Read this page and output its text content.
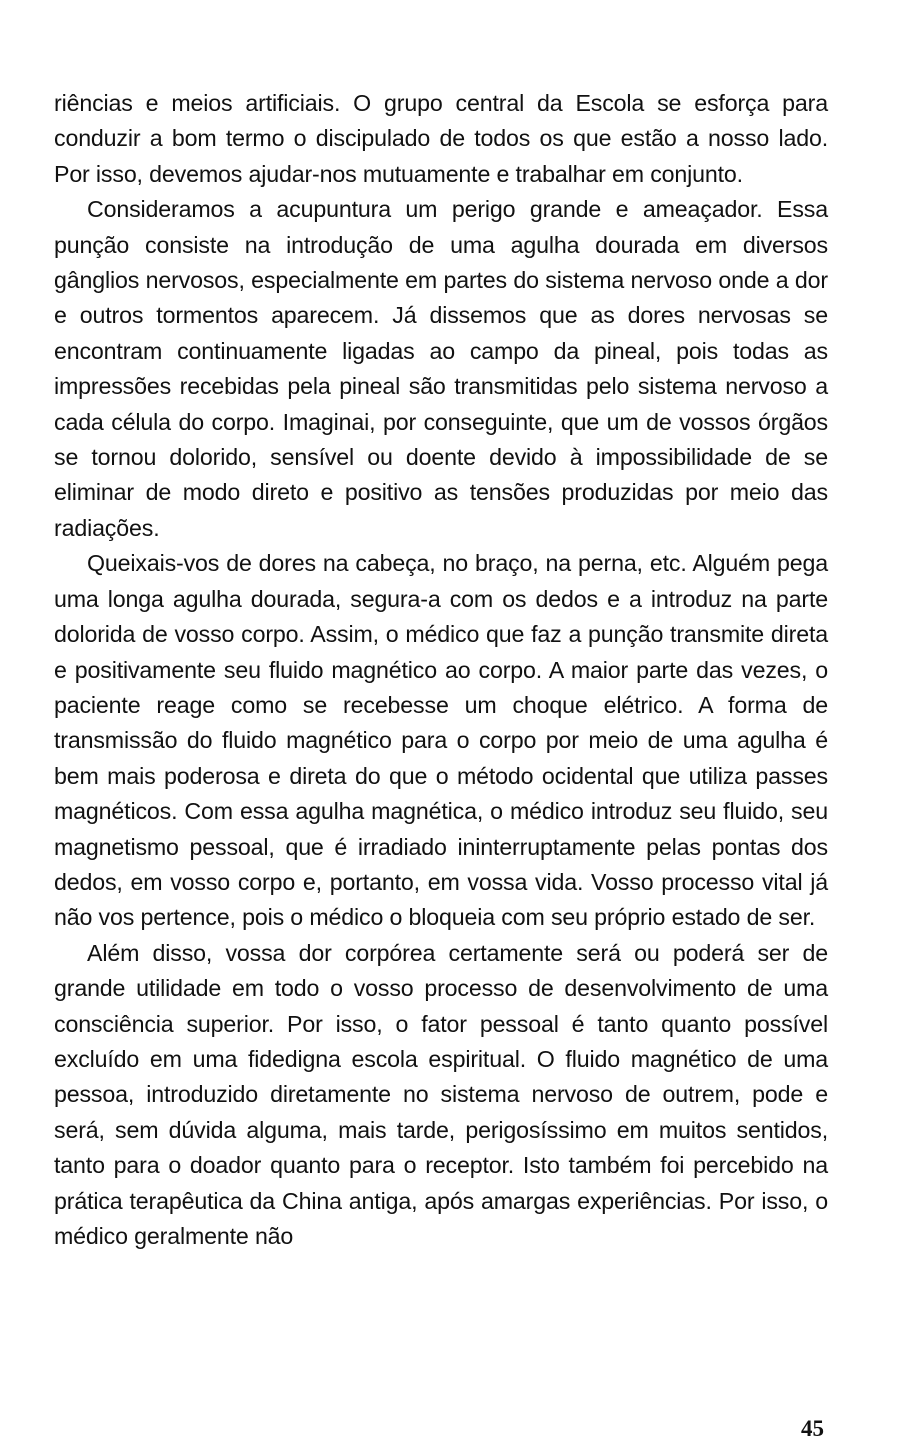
riências e meios artificiais. O grupo central da Escola se esforça para conduzir a bom termo o discipulado de todos os que estão a nosso lado. Por isso, devemos ajudar-nos mutuamente e trabalhar em conjunto.

Consideramos a acupuntura um perigo grande e ameaçador. Essa punção consiste na introdução de uma agulha dourada em diversos gânglios nervosos, especialmente em partes do sistema nervoso onde a dor e outros tormentos aparecem. Já dissemos que as dores nervosas se encontram continuamente ligadas ao campo da pineal, pois todas as impressões recebidas pela pineal são transmitidas pelo sistema nervoso a cada célula do corpo. Imaginai, por conseguinte, que um de vossos órgãos se tornou dolorido, sensível ou doente devido à impossibilidade de se eliminar de modo direto e positivo as tensões produzidas por meio das radiações.

Queixais-vos de dores na cabeça, no braço, na perna, etc. Alguém pega uma longa agulha dourada, segura-a com os dedos e a introduz na parte dolorida de vosso corpo. Assim, o médico que faz a punção transmite direta e positivamente seu fluido magnético ao corpo. A maior parte das vezes, o paciente reage como se recebesse um choque elétrico. A forma de transmissão do fluido magnético para o corpo por meio de uma agulha é bem mais poderosa e direta do que o método ocidental que utiliza passes magnéticos. Com essa agulha magnética, o médico introduz seu fluido, seu magnetismo pessoal, que é irradiado ininterruptamente pelas pontas dos dedos, em vosso corpo e, portanto, em vossa vida. Vosso processo vital já não vos pertence, pois o médico o bloqueia com seu próprio estado de ser.

Além disso, vossa dor corpórea certamente será ou poderá ser de grande utilidade em todo o vosso processo de desenvolvimento de uma consciência superior. Por isso, o fator pessoal é tanto quanto possível excluído em uma fidedigna escola espiritual. O fluido magnético de uma pessoa, introduzido diretamente no sistema nervoso de outrem, pode e será, sem dúvida alguma, mais tarde, perigosíssimo em muitos sentidos, tanto para o doador quanto para o receptor. Isto também foi percebido na prática terapêutica da China antiga, após amargas experiências. Por isso, o médico geralmente não

45
